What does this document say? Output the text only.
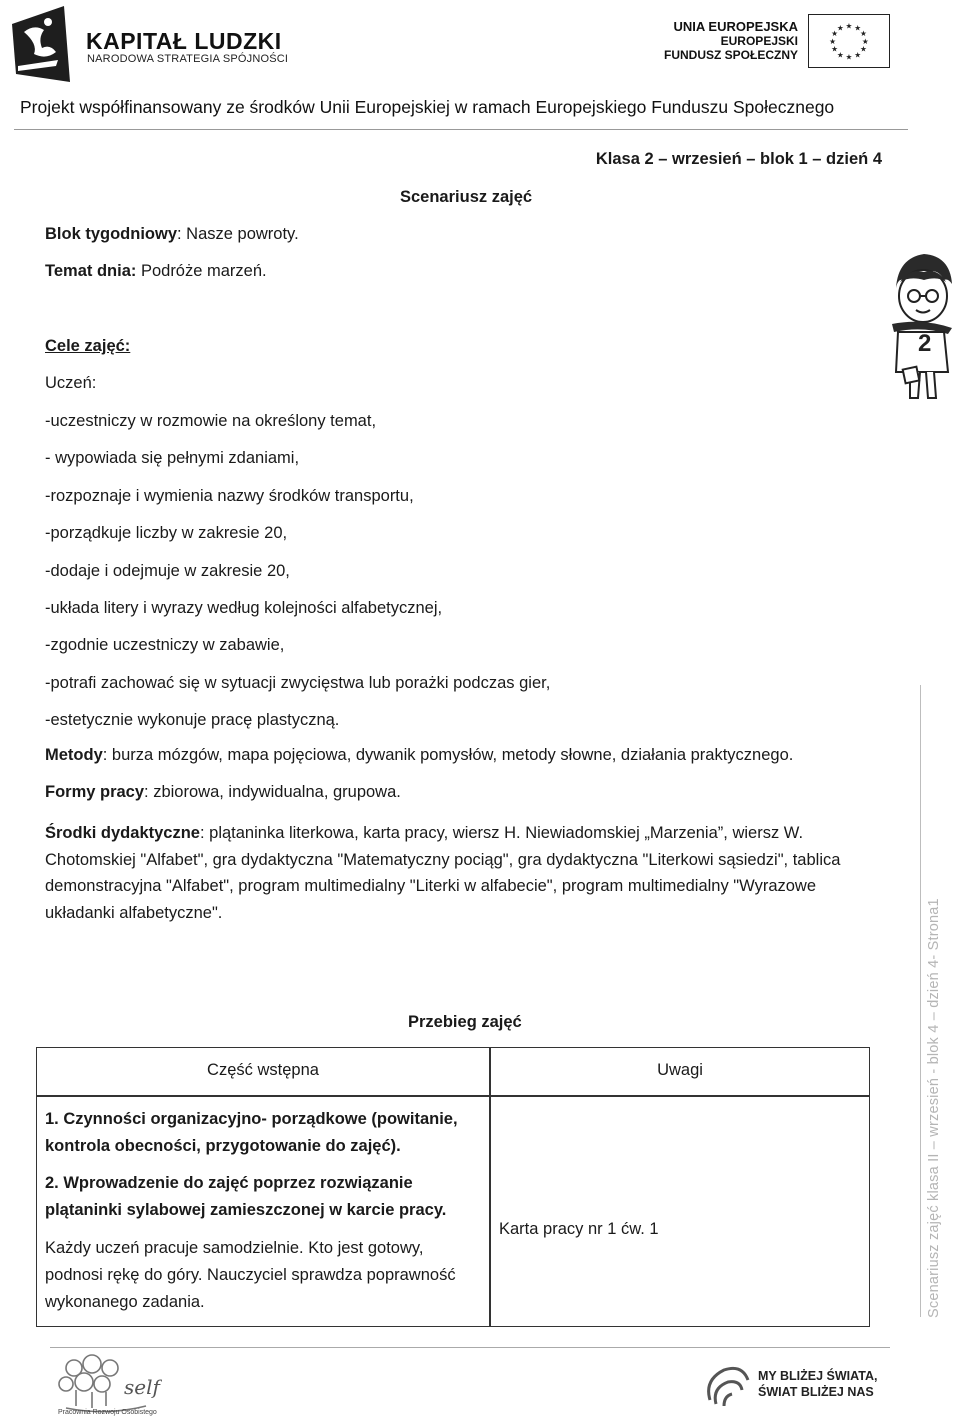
KAPITAŁ LUDZKI
NARODOWA STRATEGIA SPÓJNOŚCI
UNIA EUROPEJSKA
EUROPEJSKI
FUNDUSZ SPOŁECZNY
★ ★
★
★
★
★
★
★
★
★
★
★
Projekt współfinansowany ze środków Unii Europejskiej w ramach Europejskiego Funduszu Społecznego
Klasa 2 – wrzesień – blok 1 – dzień 4
Scenariusz zajęć
Blok tygodniowy: Nasze powroty.
Temat dnia: Podróże marzeń.
2
Cele zajęć:
Uczeń:
-uczestniczy w rozmowie na określony temat,
- wypowiada się pełnymi zdaniami,
-rozpoznaje i wymienia nazwy środków transportu,
-porządkuje liczby w zakresie 20,
-dodaje i odejmuje w zakresie 20,
-układa litery i wyrazy według kolejności alfabetycznej,
-zgodnie uczestniczy w zabawie,
-potrafi zachować się w sytuacji zwycięstwa lub porażki podczas gier,
-estetycznie wykonuje pracę plastyczną.
Metody: burza mózgów, mapa pojęciowa, dywanik pomysłów, metody słowne, działania praktycznego.
Formy pracy: zbiorowa, indywidualna, grupowa.
Środki dydaktyczne: plątaninka literkowa, karta pracy, wiersz H. Niewiadomskiej „Marzenia”, wiersz W. Chotomskiej "Alfabet", gra dydaktyczna "Matematyczny pociąg", gra dydaktyczna "Literkowi sąsiedzi", tablica demonstracyjna "Alfabet", program multimedialny "Literki w alfabecie", program multimedialny "Wyrazowe układanki alfabetyczne".
Przebieg zajęć
Część wstępna	Uwagi
1. Czynności organizacyjno- porządkowe (powitanie, kontrola obecności, przygotowanie do zajęć).
2. Wprowadzenie do zajęć poprzez rozwiązanie plątaninki sylabowej zamieszczonej w karcie pracy.
Każdy uczeń pracuje samodzielnie. Kto jest gotowy, podnosi rękę do góry. Nauczyciel sprawdza poprawność wykonanego zadania.
Karta pracy nr 1 ćw. 1	Scenariusz zajęć klasa II – wrzesień - blok 4 – dzień 4- Strona1
self
Pracownia Rozwoju Osobistego
MY BLIŻEJ ŚWIATA,
ŚWIAT BLIŻEJ NAS
